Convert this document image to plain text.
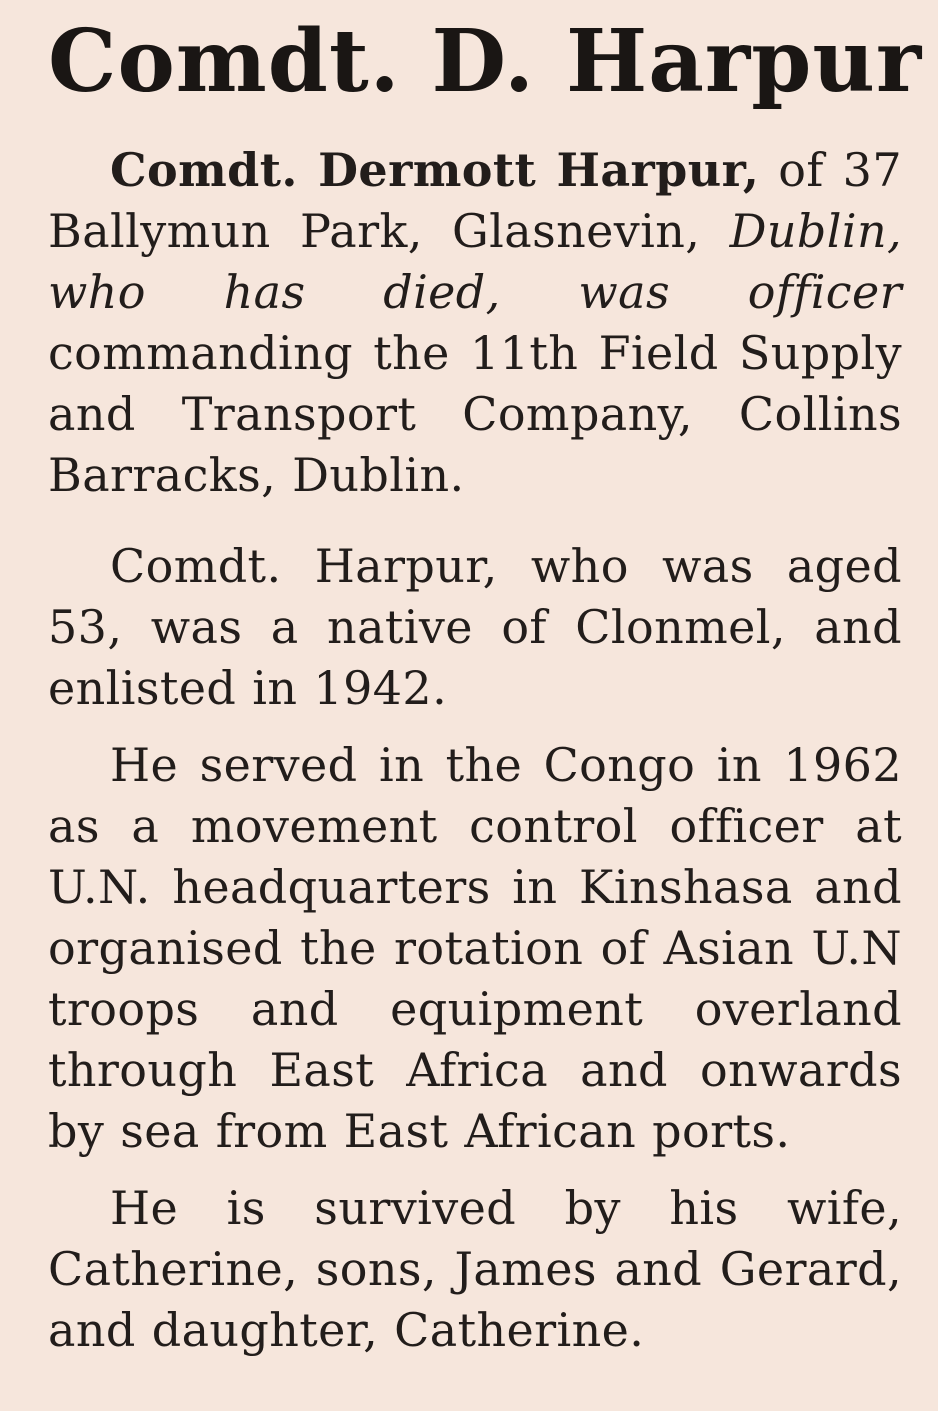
Comdt. D. Harpur

Comdt. Dermott Harpur, of 37 Ballymun Park, Glasnevin, Dublin, who has died, was officer commanding the 11th Field Supply and Transport Company, Collins Barracks, Dublin.

Comdt. Harpur, who was aged 53, was a native of Clonmel, and enlisted in 1942.

He served in the Congo in 1962 as a movement control officer at U.N. headquarters in Kinshasa and organised the rotation of Asian U.N troops and equipment overland through East Africa and onwards by sea from East African ports.

He is survived by his wife, Catherine, sons, James and Gerard, and daughter, Catherine.
